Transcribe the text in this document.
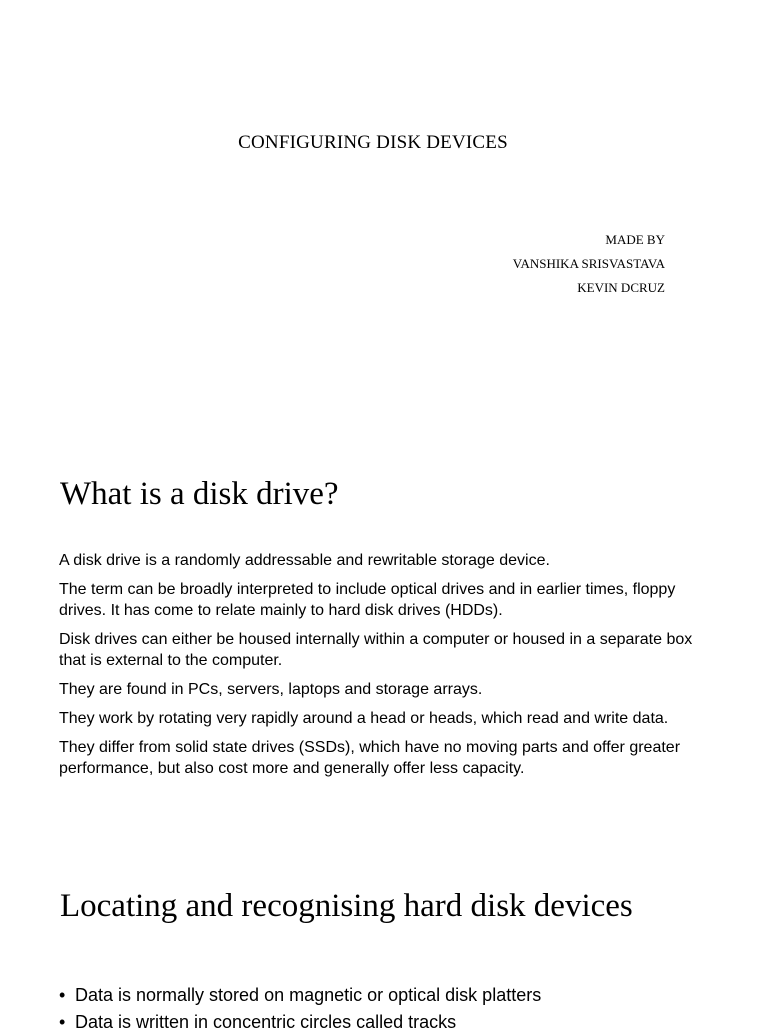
CONFIGURING DISK DEVICES
MADE BY
VANSHIKA SRISVASTAVA
KEVIN DCRUZ
What is a disk drive?

A disk drive is a randomly addressable and rewritable storage device.

The term can be broadly interpreted to include optical drives and in earlier times, floppy drives. It has come to relate mainly to hard disk drives (HDDs).

Disk drives can either be housed internally within a computer or housed in a separate box that is external to the computer.

They are found in PCs, servers, laptops and storage arrays.

They work by rotating very rapidly around a head or heads, which read and write data.

They differ from solid state drives (SSDs), which have no moving parts and offer greater performance, but also cost more and generally offer less capacity.

Locating and recognising hard disk devices
• Data is normally stored on magnetic or optical disk platters
• Data is written in concentric circles called tracks
